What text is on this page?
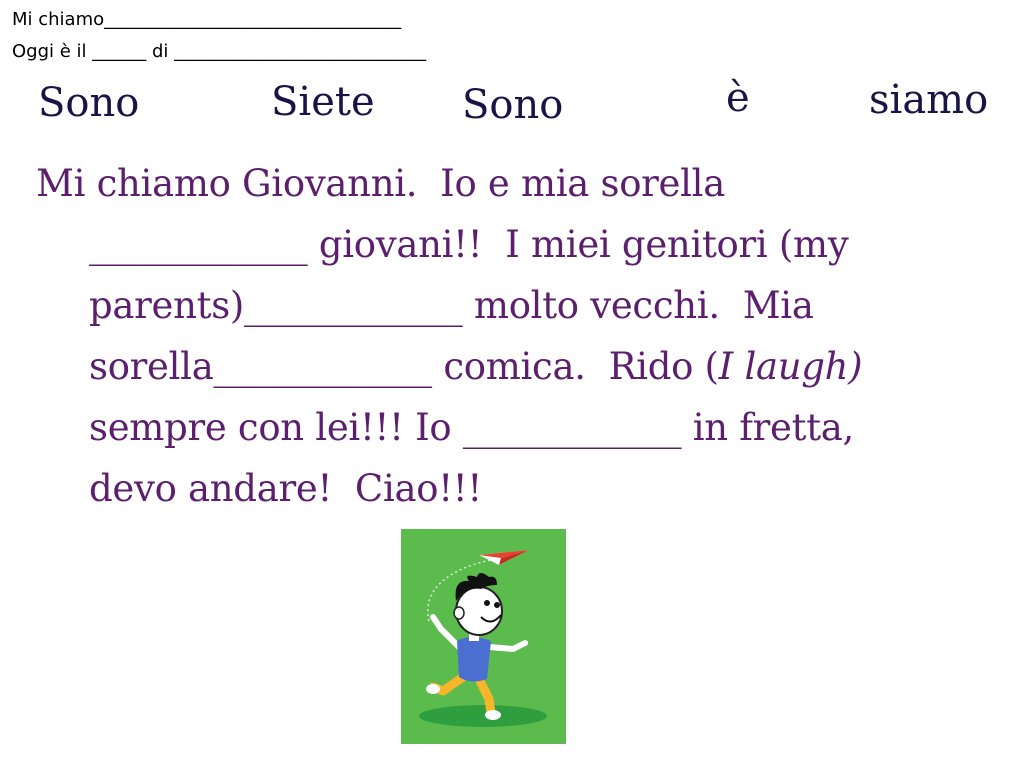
Mi chiamo_________________________________
Oggi è il ______ di ____________________________
Sono	Siete Sono	è	siamo
Mi chiamo Giovanni.  Io e mia sorella
____________ giovani!!  I miei genitori (my
parents)____________ molto vecchi.  Mia
sorella____________ comica.  Rido (I laugh)
sempre con lei!!! Io ____________ in fretta,
devo andare!  Ciao!!!
